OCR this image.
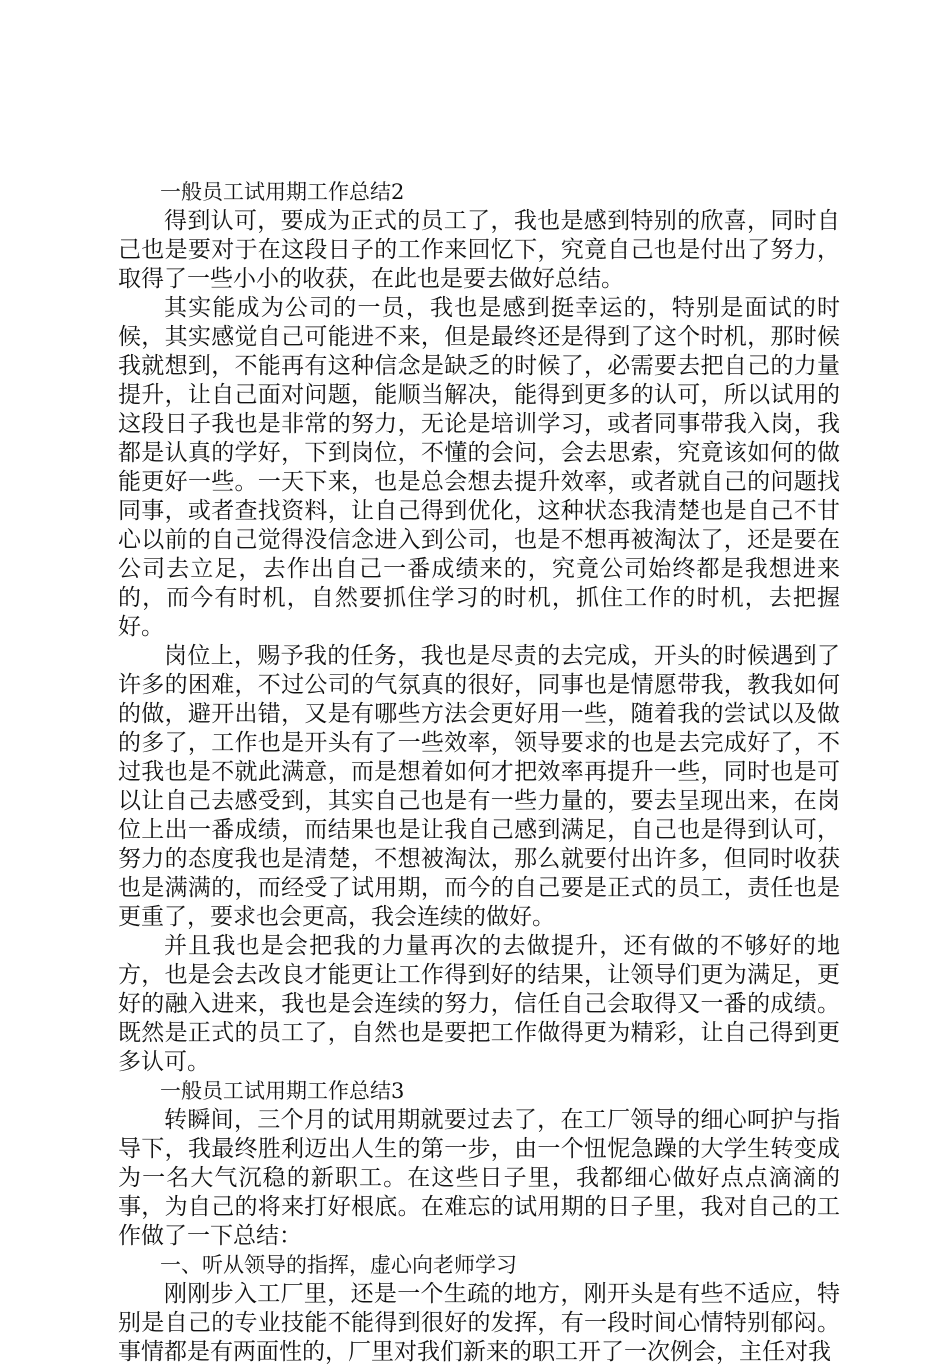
一般员工试用期工作总结2

得到认可，要成为正式的员工了，我也是感到特别的欣喜，同时自己也是要对于在这段日子的工作来回忆下，究竟自己也是付出了努力，取得了一些小小的收获，在此也是要去做好总结。

其实能成为公司的一员，我也是感到挺幸运的，特别是面试的时候，其实感觉自己可能进不来，但是最终还是得到了这个时机，那时候我就想到，不能再有这种信念是缺乏的时候了，必需要去把自己的力量提升，让自己面对问题，能顺当解决，能得到更多的认可，所以试用的这段日子我也是非常的努力，无论是培训学习，或者同事带我入岗，我都是认真的学好，下到岗位，不懂的会问，会去思索，究竟该如何的做能更好一些。一天下来，也是总会想去提升效率，或者就自己的问题找同事，或者查找资料，让自己得到优化，这种状态我清楚也是自己不甘心以前的自己觉得没信念进入到公司，也是不想再被淘汰了，还是要在公司去立足，去作出自己一番成绩来的，究竟公司始终都是我想进来的，而今有时机，自然要抓住学习的时机，抓住工作的时机，去把握好。

岗位上，赐予我的任务，我也是尽责的去完成，开头的时候遇到了许多的困难，不过公司的气氛真的很好，同事也是情愿带我，教我如何的做，避开出错，又是有哪些方法会更好用一些，随着我的尝试以及做的多了，工作也是开头有了一些效率，领导要求的也是去完成好了，不过我也是不就此满意，而是想着如何才把效率再提升一些，同时也是可以让自己去感受到，其实自己也是有一些力量的，要去呈现出来，在岗位上出一番成绩，而结果也是让我自己感到满足，自己也是得到认可，努力的态度我也是清楚，不想被淘汰，那么就要付出许多，但同时收获也是满满的，而经受了试用期，而今的自己要是正式的员工，责任也是更重了，要求也会更高，我会连续的做好。

并且我也是会把我的力量再次的去做提升，还有做的不够好的地方，也是会去改良才能更让工作得到好的结果，让领导们更为满足，更好的融入进来，我也是会连续的努力，信任自己会取得又一番的成绩。既然是正式的员工了，自然也是要把工作做得更为精彩，让自己得到更多认可。

一般员工试用期工作总结3

转瞬间，三个月的试用期就要过去了，在工厂领导的细心呵护与指导下，我最终胜利迈出人生的第一步，由一个忸怩急躁的大学生转变成为一名大气沉稳的新职工。在这些日子里，我都细心做好点点滴滴的事，为自己的将来打好根底。在难忘的试用期的日子里，我对自己的工作做了一下总结：

一、听从领导的指挥，虚心向老师学习

刚刚步入工厂里，还是一个生疏的地方，刚开头是有些不适应，特别是自己的专业技能不能得到很好的发挥，有一段时间心情特别郁闷。事情都是有两面性的，厂里对我们新来的职工开了一次例会，主任对我
